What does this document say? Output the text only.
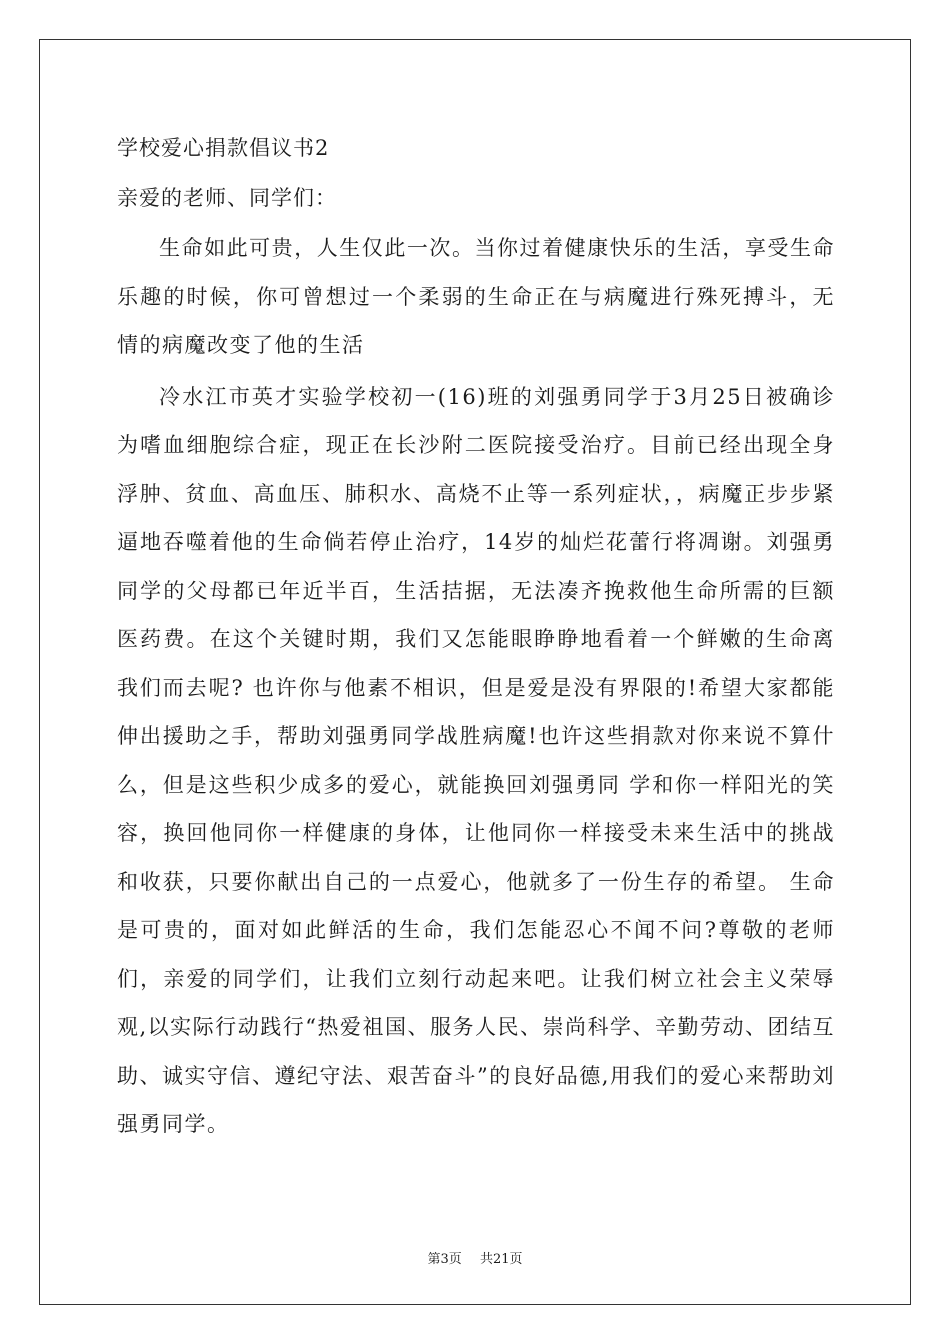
学校爱心捐款倡议书2

亲爱的老师、同学们：

生命如此可贵，人生仅此一次。当你过着健康快乐的生活，享受生命乐趣的时候，你可曾想过一个柔弱的生命正在与病魔进行殊死搏斗，无情的病魔改变了他的生活

冷水江市英才实验学校初一(16)班的刘强勇同学于3月25日被确诊为嗜血细胞综合症，现正在长沙附二医院接受治疗。目前已经出现全身浮肿、贫血、高血压、肺积水、高烧不止等一系列症状，，病魔正步步紧逼地吞噬着他的生命倘若停止治疗，14岁的灿烂花蕾行将凋谢。刘强勇同学的父母都已年近半百，生活拮据，无法凑齐挽救他生命所需的巨额医药费。在这个关键时期，我们又怎能眼睁睁地看着一个鲜嫩的生命离我们而去呢? 也许你与他素不相识，但是爱是没有界限的!希望大家都能伸出援助之手，帮助刘强勇同学战胜病魔!也许这些捐款对你来说不算什么，但是这些积少成多的爱心，就能换回刘强勇同 学和你一样阳光的笑容，换回他同你一样健康的身体，让他同你一样接受未来生活中的挑战和收获，只要你献出自己的一点爱心，他就多了一份生存的希望。 生命是可贵的，面对如此鲜活的生命，我们怎能忍心不闻不问?尊敬的老师们，亲爱的同学们，让我们立刻行动起来吧。让我们树立社会主义荣辱观,以实际行动践行“热爱祖国、服务人民、崇尚科学、辛勤劳动、团结互助、诚实守信、遵纪守法、艰苦奋斗”的良好品德,用我们的爱心来帮助刘强勇同学。

第3页 共21页
